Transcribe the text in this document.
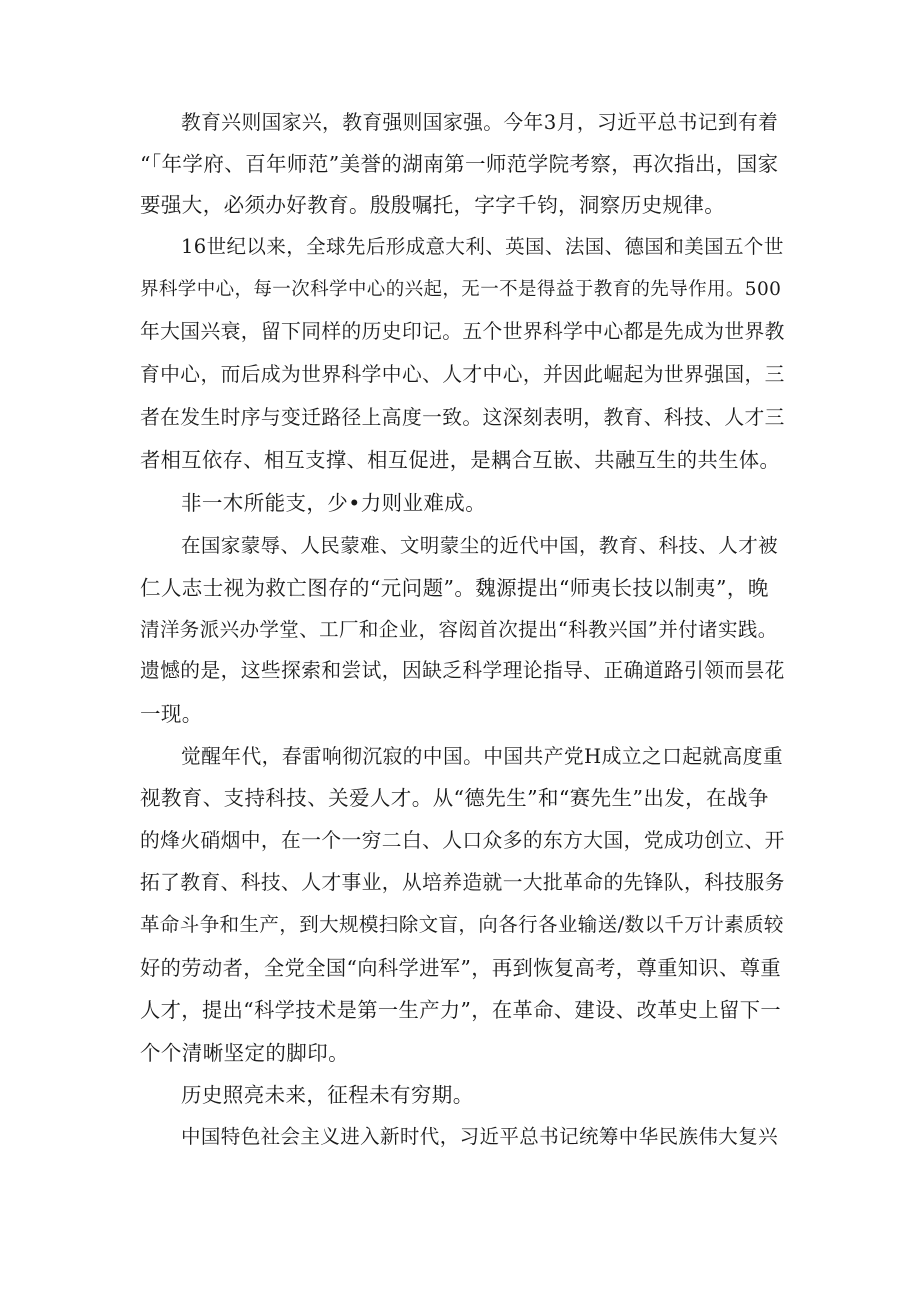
教育兴则国家兴，教育强则国家强。今年3月，习近平总书记到有着
“「年学府、百年师范”美誉的湖南第一师范学院考察，再次指出，国家
要强大，必须办好教育。殷殷嘱托，字字千钧，洞察历史规律。
16世纪以来，全球先后形成意大利、英国、法国、德国和美国五个世
界科学中心，每一次科学中心的兴起，无一不是得益于教育的先导作用。500
年大国兴衰，留下同样的历史印记。五个世界科学中心都是先成为世界教
育中心，而后成为世界科学中心、人才中心，并因此崛起为世界强国，三
者在发生时序与变迁路径上高度一致。这深刻表明，教育、科技、人才三
者相互依存、相互支撑、相互促进，是耦合互嵌、共融互生的共生体。
非一木所能支，少•力则业难成。
在国家蒙辱、人民蒙难、文明蒙尘的近代中国，教育、科技、人才被
仁人志士视为救亡图存的“元问题”。魏源提出“师夷长技以制夷”，晚
清洋务派兴办学堂、工厂和企业，容闳首次提出“科教兴国”并付诸实践。
遗憾的是，这些探索和尝试，因缺乏科学理论指导、正确道路引领而昙花
一现。
觉醒年代，春雷响彻沉寂的中国。中国共产党H成立之口起就高度重
视教育、支持科技、关爱人才。从“德先生”和“赛先生”出发，在战争
的烽火硝烟中，在一个一穷二白、人口众多的东方大国，党成功创立、开
拓了教育、科技、人才事业，从培养造就一大批革命的先锋队，科技服务
革命斗争和生产，到大规模扫除文盲，向各行各业输送/数以千万计素质较
好的劳动者，全党全国“向科学进军”，再到恢复高考，尊重知识、尊重
人才，提出“科学技术是第一生产力”，在革命、建设、改革史上留下一
个个清晰坚定的脚印。
历史照亮未来，征程未有穷期。
中国特色社会主义进入新时代，习近平总书记统筹中华民族伟大复兴
